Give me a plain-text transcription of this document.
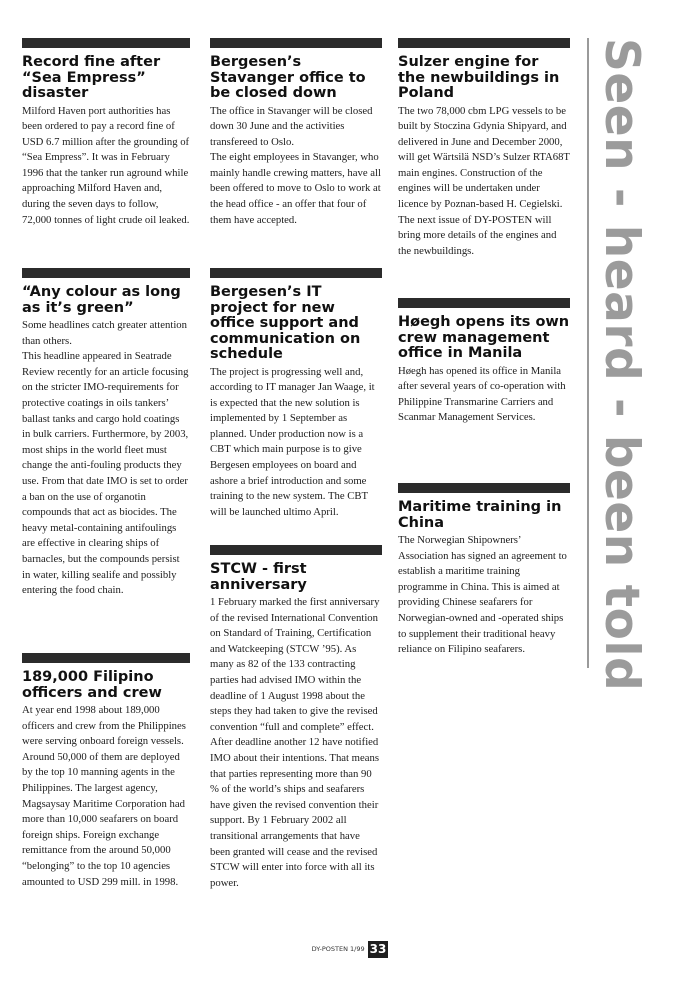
Record fine after “Sea Empress” disaster

Milford Haven port authorities has been ordered to pay a record fine of USD 6.7 million after the grounding of “Sea Empress”. It was in February 1996 that the tanker run aground while approaching Milford Haven and, during the seven days to follow, 72,000 tonnes of light crude oil leaked.

“Any colour as long as it’s green”

Some headlines catch greater attention than others.

This headline appeared in Seatrade Review recently for an article focusing on the stricter IMO-requirements for protective coatings in oils tankers’ ballast tanks and cargo hold coatings in bulk carriers. Furthermore, by 2003, most ships in the world fleet must change the anti-fouling products they use. From that date IMO is set to order a ban on the use of organotin compounds that act as biocides. The heavy metal-containing antifoulings are effective in clearing ships of barnacles, but the compounds persist in water, killing sealife and possibly entering the food chain.

189,000 Filipino officers and crew

At year end 1998 about 189,000 officers and crew from the Philippines were serving onboard foreign vessels. Around 50,000 of them are deployed by the top 10 manning agents in the Philippines. The largest agency, Magsaysay Maritime Corporation had more than 10,000 seafarers on board foreign ships. Foreign exchange remittance from the around 50,000 “belonging” to the top 10 agencies amounted to USD 299 mill. in 1998.

Bergesen’s Stavanger office to be closed down

The office in Stavanger will be closed down 30 June and the activities transfereed to Oslo.

The eight employees in Stavanger, who mainly handle crewing matters, have all been offered to move to Oslo to work at the head office - an offer that four of them have accepted.

Bergesen’s IT project for new office support and communication on schedule

The project is progressing well and, according to IT manager Jan Waage, it is expected that the new solution is implemented by 1 September as planned. Under production now is a CBT which main purpose is to give Bergesen employees on board and ashore a brief introduction and some training to the new system. The CBT will be launched ultimo April.

STCW - first anniversary

1 February marked the first anniversary of the revised International Convention on Standard of Training, Certification and Watckeeping (STCW ’95). As many as 82 of the 133 contracting parties had advised IMO within the deadline of 1 August 1998 about the steps they had taken to give the revised convention “full and complete” effect. After deadline another 12 have notified IMO about their intentions. That means that parties representing more than 90 % of the world’s ships and seafarers have given the revised convention their support. By 1 February 2002 all transitional arrangements that have been granted will cease and the revised STCW will enter into force with all its power.

Sulzer engine for the newbuildings in Poland

The two 78,000 cbm LPG vessels to be built by Stoczina Gdynia Shipyard, and delivered in June and December 2000, will get Wärtsilä NSD’s Sulzer RTA68T main engines. Construction of the engines will be undertaken under licence by Poznan-based H. Cegielski. The next issue of DY-POSTEN will bring more details of the engines and the newbuildings.

Høegh opens its own crew management office in Manila

Høegh has opened its office in Manila after several years of co-operation with Philippine Transmarine Carriers and Scanmar Management Services.

Maritime training in China

The Norwegian Shipowners’ Association has signed an agreement to establish a maritime training programme in China. This is aimed at providing Chinese seafarers for Norwegian-owned and -operated ships to supplement their traditional heavy reliance on Filipino seafarers.	Seen - heard - been told
DY-POSTEN 1/99 33
